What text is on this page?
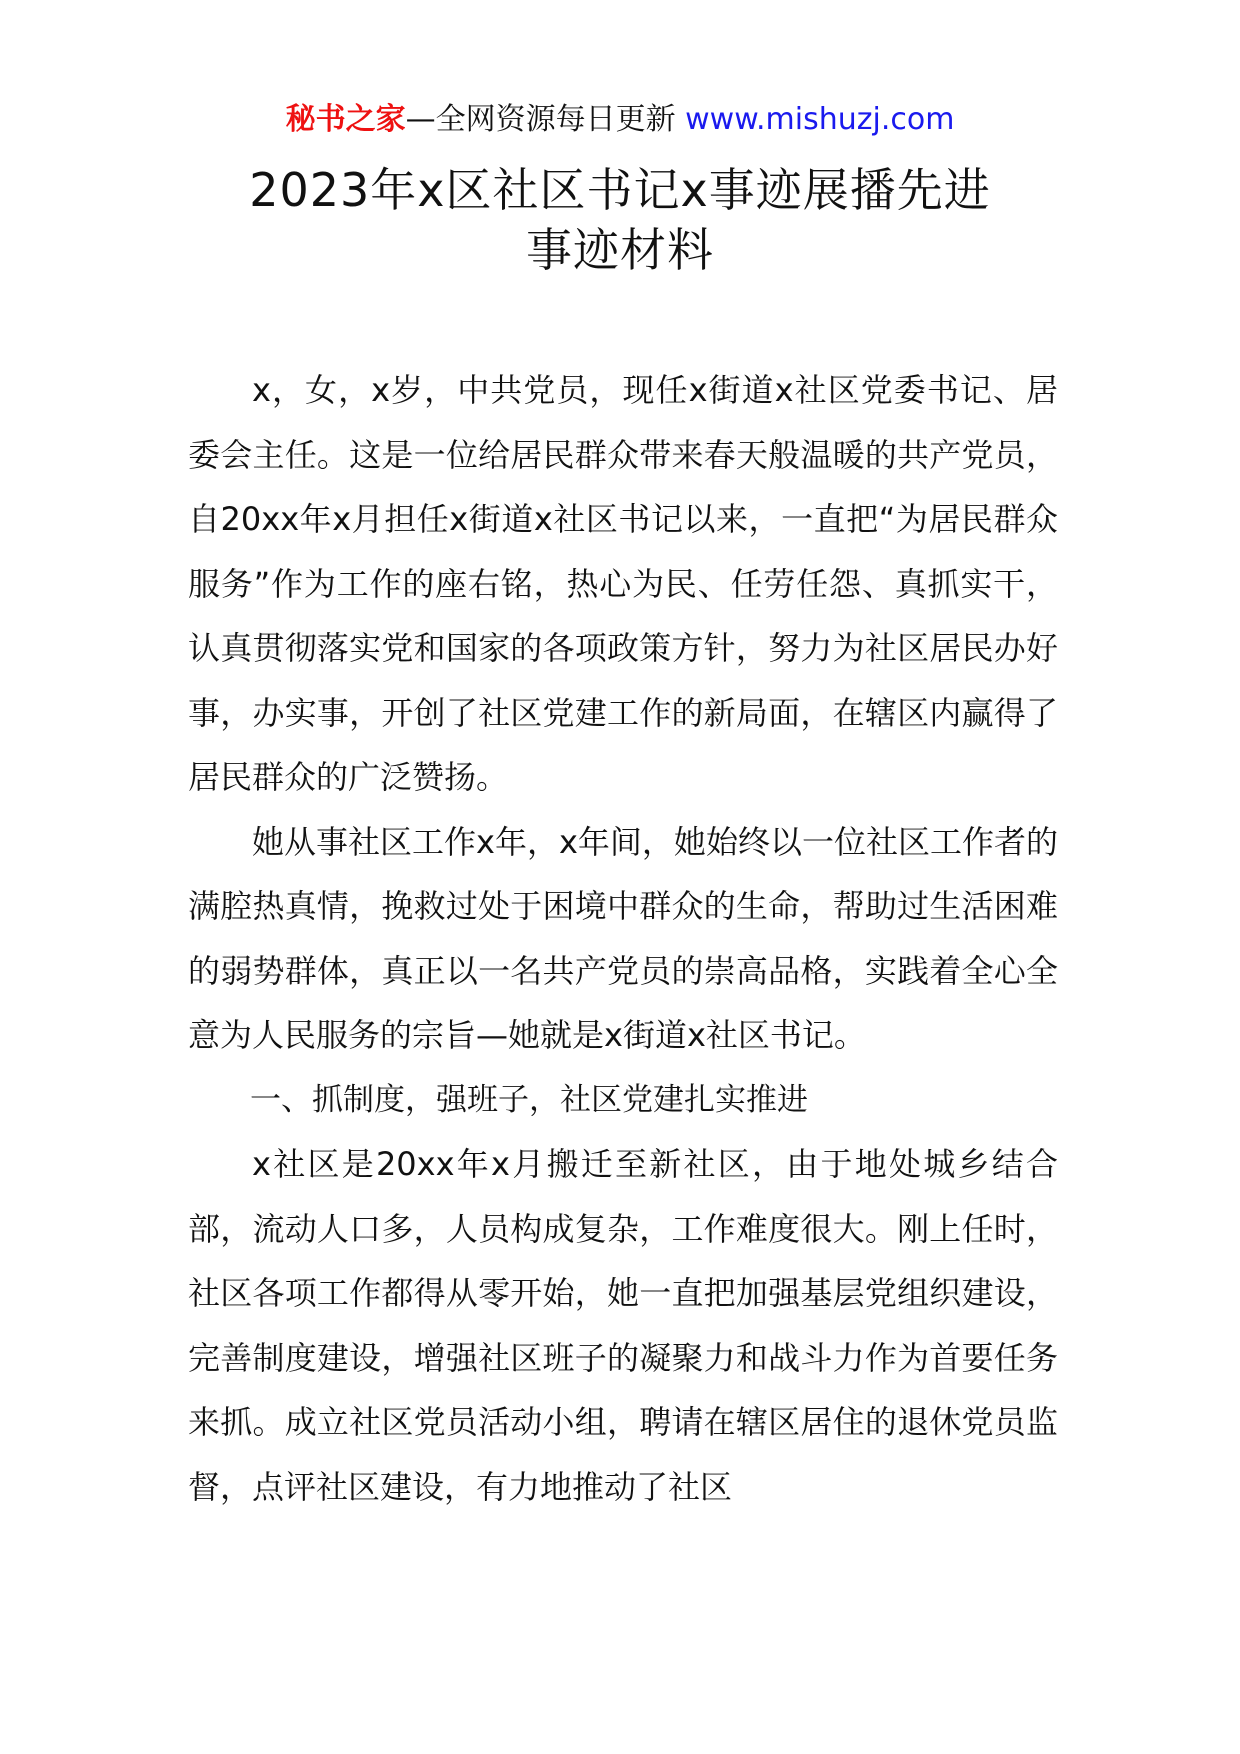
秘书之家—全网资源每日更新 www.mishuzj.com
2023年x区社区书记x事迹展播先进
事迹材料

x，女，x岁，中共党员，现任x街道x社区党委书记、居委会主任。这是一位给居民群众带来春天般温暖的共产党员，自20xx年x月担任x街道x社区书记以来，一直把“为居民群众服务”作为工作的座右铭，热心为民、任劳任怨、真抓实干，认真贯彻落实党和国家的各项政策方针，努力为社区居民办好事，办实事，开创了社区党建工作的新局面，在辖区内赢得了居民群众的广泛赞扬。

她从事社区工作x年，x年间，她始终以一位社区工作者的满腔热真情，挽救过处于困境中群众的生命，帮助过生活困难的弱势群体，真正以一名共产党员的崇高品格，实践着全心全意为人民服务的宗旨—她就是x街道x社区书记。

一、抓制度，强班子，社区党建扎实推进

x社区是20xx年x月搬迁至新社区，由于地处城乡结合部，流动人口多，人员构成复杂，工作难度很大。刚上任时，社区各项工作都得从零开始，她一直把加强基层党组织建设，完善制度建设，增强社区班子的凝聚力和战斗力作为首要任务来抓。成立社区党员活动小组，聘请在辖区居住的退休党员监督，点评社区建设，有力地推动了社区
